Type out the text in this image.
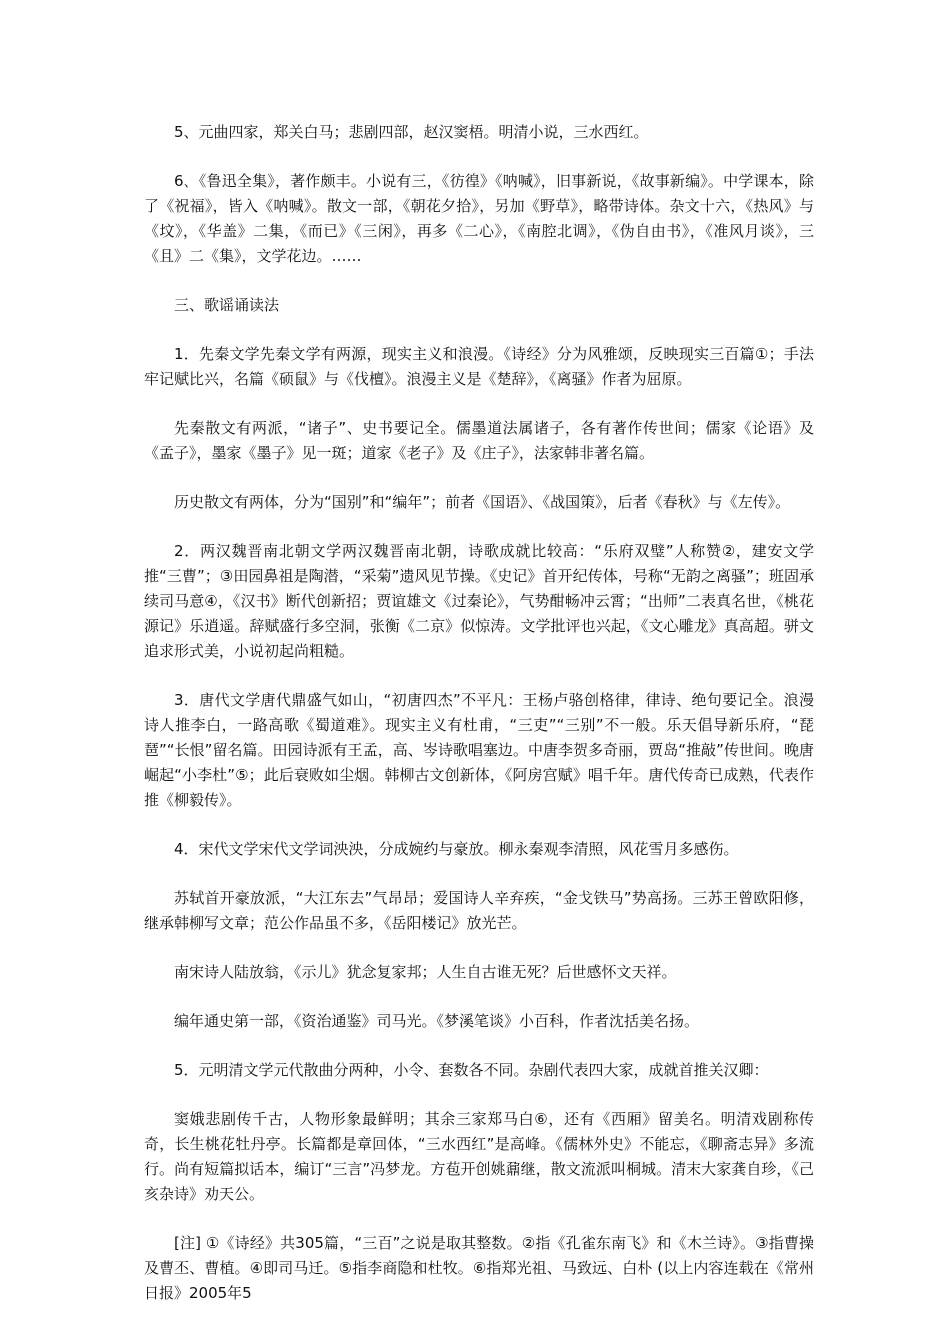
5、元曲四家，郑关白马；悲剧四部，赵汉窦梧。明清小说，三水西红。

6､《鲁迅全集》，著作颇丰。小说有三，《彷徨》《呐喊》，旧事新说，《故事新编》。中学课本，除了《祝福》，皆入《呐喊》。散文一部，《朝花夕拾》，另加《野草》，略带诗体。杂文十六，《热风》与《坟》，《华盖》二集，《而已》《三闲》，再多《二心》，《南腔北调》，《伪自由书》，《准风月谈》，三《且》二《集》，文学花边。……

三、歌谣诵读法

1．先秦文学先秦文学有两源，现实主义和浪漫。《诗经》分为风雅颂，反映现实三百篇①；手法牢记赋比兴，名篇《硕鼠》与《伐檀》。浪漫主义是《楚辞》，《离骚》作者为屈原。

先秦散文有两派，“诸子”、史书要记全。儒墨道法属诸子，各有著作传世间；儒家《论语》及《孟子》，墨家《墨子》见一斑；道家《老子》及《庄子》，法家韩非著名篇。

历史散文有两体，分为“国别”和“编年”；前者《国语》、《战国策》，后者《春秋》与《左传》。

2．两汉魏晋南北朝文学两汉魏晋南北朝，诗歌成就比较高：“乐府双璧”人称赞②，建安文学推“三曹”；③田园鼻祖是陶潜，“采菊”遗风见节操。《史记》首开纪传体，号称“无韵之离骚”；班固承续司马意④，《汉书》断代创新招；贾谊雄文《过秦论》，气势酣畅冲云霄；“出师”二表真名世，《桃花源记》乐逍遥。辞赋盛行多空洞，张衡《二京》似惊涛。文学批评也兴起，《文心雕龙》真高超。骈文追求形式美，小说初起尚粗糙。

3．唐代文学唐代鼎盛气如山，“初唐四杰”不平凡：王杨卢骆创格律，律诗、绝句要记全。浪漫诗人推李白，一路高歌《蜀道难》。现实主义有杜甫，“三吏”“三别”不一般。乐天倡导新乐府，“琵琶”“长恨”留名篇。田园诗派有王孟，高、岑诗歌唱塞边。中唐李贺多奇丽，贾岛“推敲”传世间。晚唐崛起“小李杜”⑤；此后衰败如尘烟。韩柳古文创新体，《阿房宫赋》唱千年。唐代传奇已成熟，代表作推《柳毅传》。

4．宋代文学宋代文学词泱泱，分成婉约与豪放。柳永秦观李清照，风花雪月多感伤。

苏轼首开豪放派，“大江东去”气昂昂；爱国诗人辛弃疾，“金戈铁马”势高扬。三苏王曾欧阳修，继承韩柳写文章；范公作品虽不多，《岳阳楼记》放光芒。

南宋诗人陆放翁，《示儿》犹念复家邦；人生自古谁无死？后世感怀文天祥。

编年通史第一部，《资治通鉴》司马光。《梦溪笔谈》小百科，作者沈括美名扬。

5．元明清文学元代散曲分两种，小令、套数各不同。杂剧代表四大家，成就首推关汉卿：

窦娥悲剧传千古，人物形象最鲜明；其余三家郑马白⑥，还有《西厢》留美名。明清戏剧称传奇，长生桃花牡丹亭。长篇都是章回体，“三水西红”是高峰。《儒林外史》不能忘，《聊斋志异》多流行。尚有短篇拟话本，编订“三言”冯梦龙。方苞开创姚鼐继，散文流派叫桐城。清末大家龚自珍，《己亥杂诗》劝天公。

[注] ①《诗经》共305篇，“三百”之说是取其整数。②指《孔雀东南飞》和《木兰诗》。③指曹操及曹丕、曹植。④即司马迁。⑤指李商隐和杜牧。⑥指郑光祖、马致远、白朴 (以上内容连载在《常州日报》2005年5
